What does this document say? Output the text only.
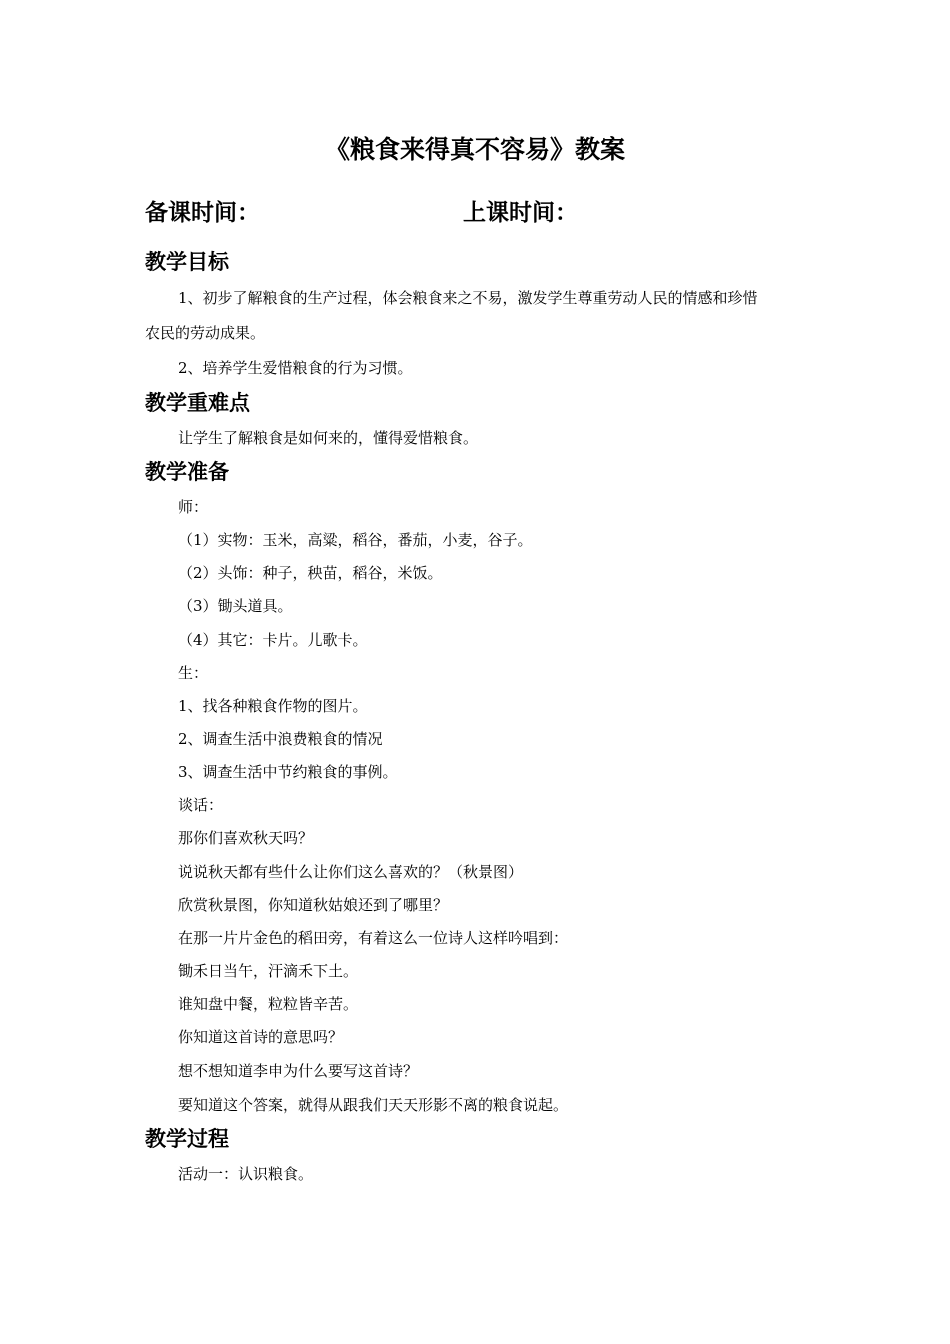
《粮食来得真不容易》教案
备课时间：	上课时间：
教学目标
1、初步了解粮食的生产过程，体会粮食来之不易，激发学生尊重劳动人民的情感和珍惜
农民的劳动成果。
2、培养学生爱惜粮食的行为习惯。
教学重难点
让学生了解粮食是如何来的，懂得爱惜粮食。
教学准备
师：
（1）实物：玉米，高粱，稻谷，番茄，小麦，谷子。
（2）头饰：种子，秧苗，稻谷，米饭。
（3）锄头道具。
（4）其它：卡片。儿歌卡。
生：
1、找各种粮食作物的图片。
2、调查生活中浪费粮食的情况
3、调查生活中节约粮食的事例。
谈话：
那你们喜欢秋天吗？
说说秋天都有些什么让你们这么喜欢的？（秋景图）
欣赏秋景图，你知道秋姑娘还到了哪里？
在那一片片金色的稻田旁，有着这么一位诗人这样吟唱到：
锄禾日当午，汗滴禾下土。
谁知盘中餐，粒粒皆辛苦。
你知道这首诗的意思吗？
想不想知道李申为什么要写这首诗？
要知道这个答案，就得从跟我们天天形影不离的粮食说起。
教学过程
活动一：认识粮食。
